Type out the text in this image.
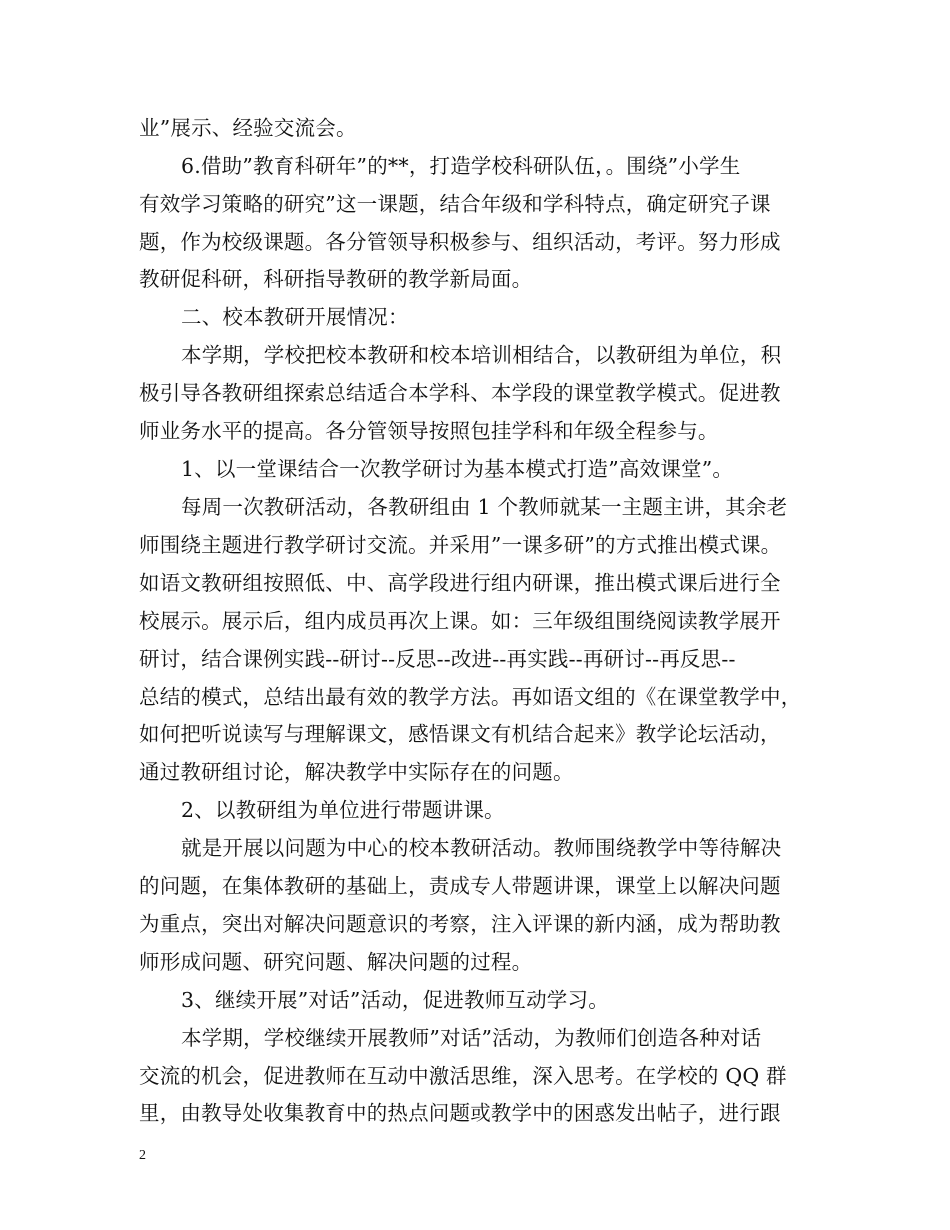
业”展示、经验交流会。
6.借助”教育科研年”的**，打造学校科研队伍，。围绕”小学生
有效学习策略的研究”这一课题，结合年级和学科特点，确定研究子课
题，作为校级课题。各分管领导积极参与、组织活动，考评。努力形成
教研促科研，科研指导教研的教学新局面。
二、校本教研开展情况：
本学期，学校把校本教研和校本培训相结合，以教研组为单位，积
极引导各教研组探索总结适合本学科、本学段的课堂教学模式。促进教
师业务水平的提高。各分管领导按照包挂学科和年级全程参与。
1、以一堂课结合一次教学研讨为基本模式打造”高效课堂”。
每周一次教研活动，各教研组由 1 个教师就某一主题主讲，其余老
师围绕主题进行教学研讨交流。并采用”一课多研”的方式推出模式课。
如语文教研组按照低、中、高学段进行组内研课，推出模式课后进行全
校展示。展示后，组内成员再次上课。如：三年级组围绕阅读教学展开
研讨，结合课例实践--研讨--反思--改进--再实践--再研讨--再反思--
总结的模式，总结出最有效的教学方法。再如语文组的《在课堂教学中，
如何把听说读写与理解课文，感悟课文有机结合起来》教学论坛活动，
通过教研组讨论，解决教学中实际存在的问题。
2、以教研组为单位进行带题讲课。
就是开展以问题为中心的校本教研活动。教师围绕教学中等待解决
的问题，在集体教研的基础上，责成专人带题讲课，课堂上以解决问题
为重点，突出对解决问题意识的考察，注入评课的新内涵，成为帮助教
师形成问题、研究问题、解决问题的过程。
3、继续开展”对话”活动，促进教师互动学习。
本学期，学校继续开展教师”对话”活动，为教师们创造各种对话
交流的机会，促进教师在互动中激活思维，深入思考。在学校的 QQ 群
里，由教导处收集教育中的热点问题或教学中的困惑发出帖子，进行跟
2
